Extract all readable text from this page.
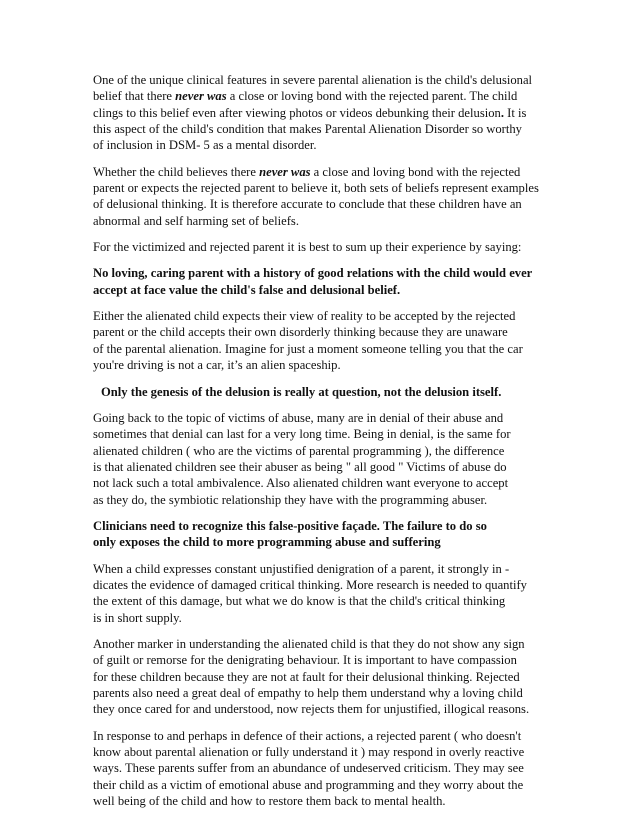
One of the unique clinical features in severe parental alienation is the child's delusional
belief that there never was a close or loving bond with the rejected parent. The child
clings to this belief even after viewing photos or videos debunking their delusion. It is
this aspect of the child's condition that makes Parental Alienation Disorder so worthy
of inclusion in DSM- 5 as a mental disorder.
Whether the child believes there never was a close and loving bond with the rejected
parent or expects the rejected parent to believe it, both sets of beliefs represent examples
of delusional thinking. It is therefore accurate to conclude that these children have an
abnormal and self harming set of beliefs.
For the victimized and rejected parent it is best to sum up their experience by saying:
No loving, caring parent with a history of good relations with the child would ever
accept at face value the child's false and delusional belief.
Either the alienated child expects their view of reality to be accepted by the rejected
parent or the child accepts their own disorderly thinking because they are unaware
of the parental alienation. Imagine for just a moment someone telling you that the car
you're driving is not a car, it’s an alien spaceship.
Only the genesis of the delusion is really at question, not the delusion itself.
Going back to the topic of victims of abuse, many are in denial of their abuse and
sometimes that denial can last for a very long time. Being in denial, is the same for
alienated children ( who are the victims of parental programming ), the difference
is that alienated children see their abuser as being " all good " Victims of abuse do
not lack such a total ambivalence. Also alienated children want everyone to accept
as they do, the symbiotic relationship they have with the programming abuser.
Clinicians need to recognize this false-positive façade. The failure to do so
only exposes the child to more programming abuse and suffering
When a child expresses constant unjustified denigration of a parent, it strongly in -
dicates the evidence of damaged critical thinking. More research is needed to quantify
the extent of this damage, but what we do know is that the child's critical thinking
is in short supply.
Another marker in understanding the alienated child is that they do not show any sign
of guilt or remorse for the denigrating behaviour. It is important to have compassion
for these children because they are not at fault for their delusional thinking. Rejected
parents also need a great deal of empathy to help them understand why a loving child
they once cared for and understood, now rejects them for unjustified, illogical reasons.
In response to and perhaps in defence of their actions, a rejected parent ( who doesn't
know about parental alienation or fully understand it ) may respond in overly reactive
ways. These parents suffer from an abundance of undeserved criticism. They may see
their child as a victim of emotional abuse and programming and they worry about the
well being of the child and how to restore them back to mental health.
